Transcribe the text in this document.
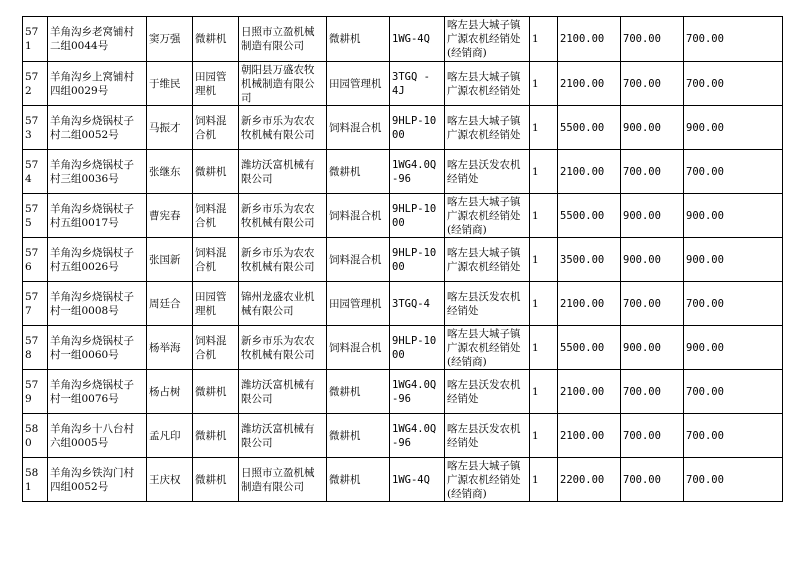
571	羊角沟乡老窝铺村二组0044号	窦万强	微耕机	日照市立盈机械制造有限公司	微耕机	1WG-4Q	喀左县大城子镇广源农机经销处(经销商)	1	2100.00	700.00	700.00
572	羊角沟乡上窝铺村四组0029号	于维民	田园管理机	朝阳县万盛农牧机械制造有限公司	田园管理机	3TGQ - 4J	喀左县大城子镇广源农机经销处	1	2100.00	700.00	700.00
573	羊角沟乡烧锅杖子村二组0052号	马振才	饲料混合机	新乡市乐为农农牧机械有限公司	饲料混合机	9HLP-1000	喀左县大城子镇广源农机经销处	1	5500.00	900.00	900.00
574	羊角沟乡烧锅杖子村三组0036号	张继东	微耕机	潍坊沃富机械有限公司	微耕机	1WG4.0Q-96	喀左县沃发农机经销处	1	2100.00	700.00	700.00
575	羊角沟乡烧锅杖子村五组0017号	曹宪春	饲料混合机	新乡市乐为农农牧机械有限公司	饲料混合机	9HLP-1000	喀左县大城子镇广源农机经销处(经销商)	1	5500.00	900.00	900.00
576	羊角沟乡烧锅杖子村五组0026号	张国新	饲料混合机	新乡市乐为农农牧机械有限公司	饲料混合机	9HLP-1000	喀左县大城子镇广源农机经销处	1	3500.00	900.00	900.00
577	羊角沟乡烧锅杖子村一组0008号	周廷合	田园管理机	锦州龙盛农业机械有限公司	田园管理机	3TGQ-4	喀左县沃发农机经销处	1	2100.00	700.00	700.00
578	羊角沟乡烧锅杖子村一组0060号	杨举海	饲料混合机	新乡市乐为农农牧机械有限公司	饲料混合机	9HLP-1000	喀左县大城子镇广源农机经销处(经销商)	1	5500.00	900.00	900.00
579	羊角沟乡烧锅杖子村一组0076号	杨占树	微耕机	潍坊沃富机械有限公司	微耕机	1WG4.0Q-96	喀左县沃发农机经销处	1	2100.00	700.00	700.00
580	羊角沟乡十八台村六组0005号	孟凡印	微耕机	潍坊沃富机械有限公司	微耕机	1WG4.0Q-96	喀左县沃发农机经销处	1	2100.00	700.00	700.00
581	羊角沟乡铁沟门村四组0052号	王庆权	微耕机	日照市立盈机械制造有限公司	微耕机	1WG-4Q	喀左县大城子镇广源农机经销处(经销商)	1	2200.00	700.00	700.00
